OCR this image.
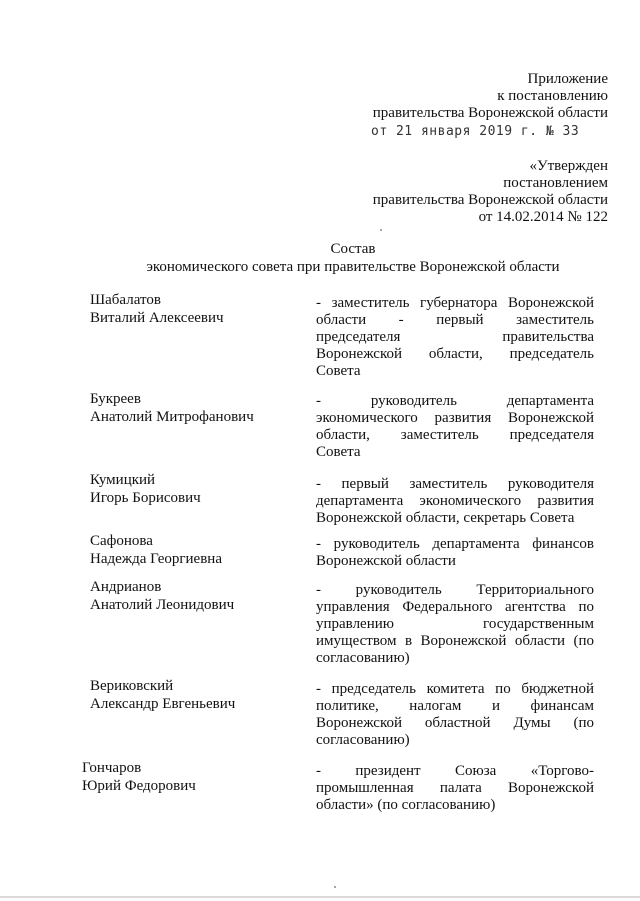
Приложение
к постановлению
правительства Воронежской области
от 21 января 2019 г. № 33
«Утвержден
постановлением
правительства Воронежской области
от 14.02.2014 № 122
Состав
экономического совета при правительстве Воронежской области
Шабалатов
Виталий Алексеевич
- заместитель губернатора Воронежской
области - первый заместитель
председателя правительства
Воронежской области, председатель
Совета
Букреев
Анатолий Митрофанович
- руководитель департамента
экономического развития Воронежской
области, заместитель председателя
Совета
Кумицкий
Игорь Борисович
- первый заместитель руководителя
департамента экономического развития
Воронежской области, секретарь Совета
Сафонова
Надежда Георгиевна
- руководитель департамента финансов
Воронежской области
Андрианов
Анатолий Леонидович
- руководитель Территориального
управления Федерального агентства по
управлению государственным
имуществом в Воронежской области (по
согласованию)
Вериковский
Александр Евгеньевич
- председатель комитета по бюджетной
политике, налогам и финансам
Воронежской областной Думы (по
согласованию)
Гончаров
Юрий Федорович
- президент Союза «Торгово-
промышленная палата Воронежской
области» (по согласованию)
